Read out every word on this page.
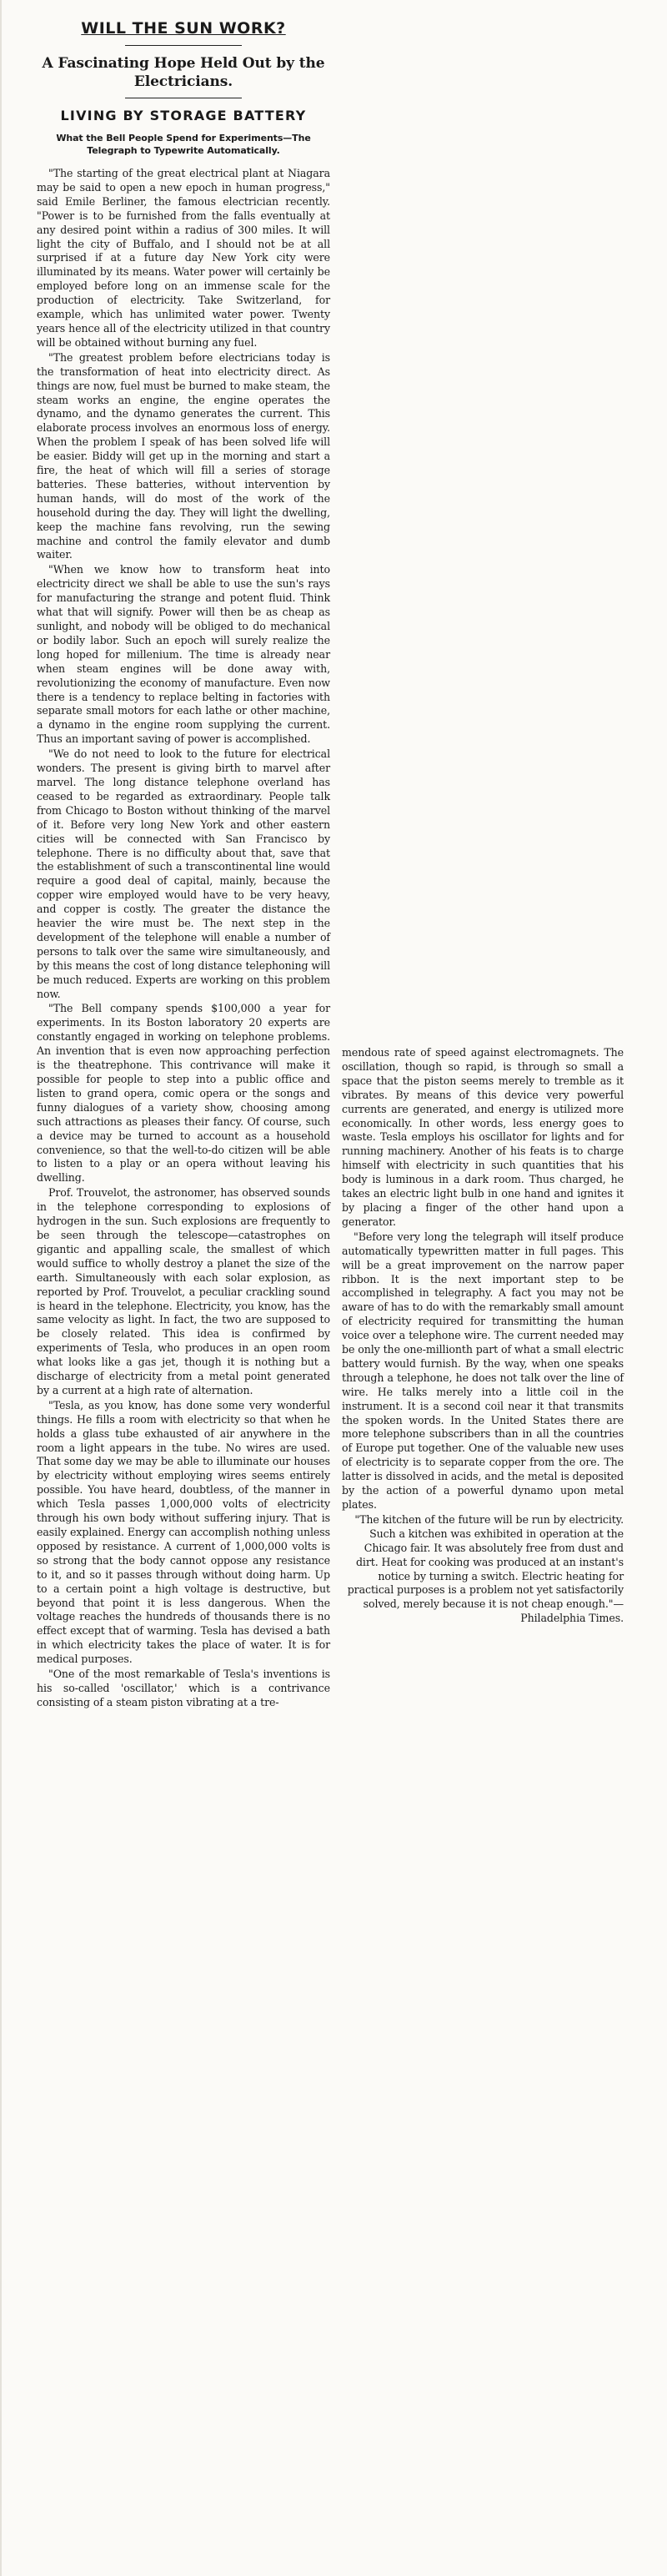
WILL THE SUN WORK?
A Fascinating Hope Held Out by the Electricians.
LIVING BY STORAGE BATTERY
What the Bell People Spend for Experiments—The Telegraph to Typewrite Automatically.

"The starting of the great electrical plant at Niagara may be said to open a new epoch in human progress," said Emile Berliner, the famous electrician recently. "Power is to be furnished from the falls eventually at any desired point within a radius of 300 miles. It will light the city of Buffalo, and I should not be at all surprised if at a future day New York city were illuminated by its means. Water power will certainly be employed before long on an immense scale for the production of electricity. Take Switzerland, for example, which has unlimited water power. Twenty years hence all of the electricity utilized in that country will be obtained without burning any fuel.

"The greatest problem before electricians today is the transformation of heat into electricity direct. As things are now, fuel must be burned to make steam, the steam works an engine, the engine operates the dynamo, and the dynamo generates the current. This elaborate process involves an enormous loss of energy. When the problem I speak of has been solved life will be easier. Biddy will get up in the morning and start a fire, the heat of which will fill a series of storage batteries. These batteries, without intervention by human hands, will do most of the work of the household during the day. They will light the dwelling, keep the machine fans revolving, run the sewing machine and control the family elevator and dumb waiter.

"When we know how to transform heat into electricity direct we shall be able to use the sun's rays for manufacturing the strange and potent fluid. Think what that will signify. Power will then be as cheap as sunlight, and nobody will be obliged to do mechanical or bodily labor. Such an epoch will surely realize the long hoped for millenium. The time is already near when steam engines will be done away with, revolutionizing the economy of manufacture. Even now there is a tendency to replace belting in factories with separate small motors for each lathe or other machine, a dynamo in the engine room supplying the current. Thus an important saving of power is accomplished.

"We do not need to look to the future for electrical wonders. The present is giving birth to marvel after marvel. The long distance telephone overland has ceased to be regarded as extraordinary. People talk from Chicago to Boston without thinking of the marvel of it. Before very long New York and other eastern cities will be connected with San Francisco by telephone. There is no difficulty about that, save that the establishment of such a transcontinental line would require a good deal of capital, mainly, because the copper wire employed would have to be very heavy, and copper is costly. The greater the distance the heavier the wire must be. The next step in the development of the telephone will enable a number of persons to talk over the same wire simultaneously, and by this means the cost of long distance telephoning will be much reduced. Experts are working on this problem now.

"The Bell company spends $100,000 a year for experiments. In its Boston laboratory 20 experts are constantly engaged in working on telephone problems. An invention that is even now approaching perfection is the theatrephone. This contrivance will make it possible for people to step into a public office and listen to grand opera, comic opera or the songs and funny dialogues of a variety show, choosing among such attractions as pleases their fancy. Of course, such a device may be turned to account as a household convenience, so that the well-to-do citizen will be able to listen to a play or an opera without leaving his dwelling.

Prof. Trouvelot, the astronomer, has observed sounds in the telephone corresponding to explosions of hydrogen in the sun. Such explosions are frequently to be seen through the telescope—catastrophes on gigantic and appalling scale, the smallest of which would suffice to wholly destroy a planet the size of the earth. Simultaneously with each solar explosion, as reported by Prof. Trouvelot, a peculiar crackling sound is heard in the telephone. Electricity, you know, has the same velocity as light. In fact, the two are supposed to be closely related. This idea is confirmed by experiments of Tesla, who produces in an open room what looks like a gas jet, though it is nothing but a discharge of electricity from a metal point generated by a current at a high rate of alternation.

"Tesla, as you know, has done some very wonderful things. He fills a room with electricity so that when he holds a glass tube exhausted of air anywhere in the room a light appears in the tube. No wires are used. That some day we may be able to illuminate our houses by electricity without employing wires seems entirely possible. You have heard, doubtless, of the manner in which Tesla passes 1,000,000 volts of electricity through his own body without suffering injury. That is easily explained. Energy can accomplish nothing unless opposed by resistance. A current of 1,000,000 volts is so strong that the body cannot oppose any resistance to it, and so it passes through without doing harm. Up to a certain point a high voltage is destructive, but beyond that point it is less dangerous. When the voltage reaches the hundreds of thousands there is no effect except that of warming. Tesla has devised a bath in which electricity takes the place of water. It is for medical purposes.

"One of the most remarkable of Tesla's inventions is his so-called 'oscillator,' which is a contrivance consisting of a steam piston vibrating at a tre-

mendous rate of speed against electromagnets. The oscillation, though so rapid, is through so small a space that the piston seems merely to tremble as it vibrates. By means of this device very powerful currents are generated, and energy is utilized more economically. In other words, less energy goes to waste. Tesla employs his oscillator for lights and for running machinery. Another of his feats is to charge himself with electricity in such quantities that his body is luminous in a dark room. Thus charged, he takes an electric light bulb in one hand and ignites it by placing a finger of the other hand upon a generator.

"Before very long the telegraph will itself produce automatically typewritten matter in full pages. This will be a great improvement on the narrow paper ribbon. It is the next important step to be accomplished in telegraphy. A fact you may not be aware of has to do with the remarkably small amount of electricity required for transmitting the human voice over a telephone wire. The current needed may be only the one-millionth part of what a small electric battery would furnish. By the way, when one speaks through a telephone, he does not talk over the line of wire. He talks merely into a little coil in the instrument. It is a second coil near it that transmits the spoken words. In the United States there are more telephone subscribers than in all the countries of Europe put together. One of the valuable new uses of electricity is to separate copper from the ore. The latter is dissolved in acids, and the metal is deposited by the action of a powerful dynamo upon metal plates.

"The kitchen of the future will be run by electricity. Such a kitchen was exhibited in operation at the Chicago fair. It was absolutely free from dust and dirt. Heat for cooking was produced at an instant's notice by turning a switch. Electric heating for practical purposes is a problem not yet satisfactorily solved, merely because it is not cheap enough."—Philadelphia Times.
